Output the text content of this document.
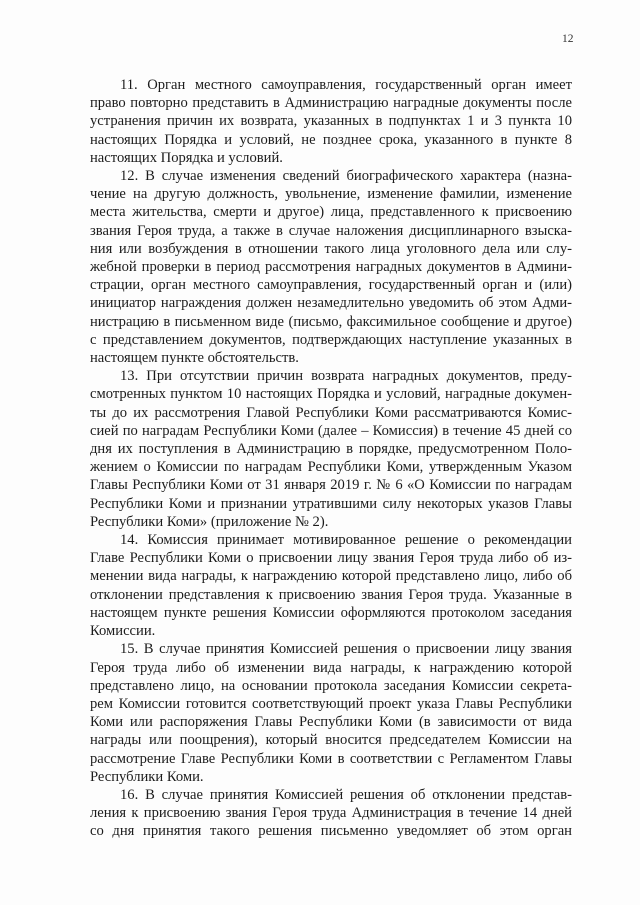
12

11. Орган местного самоуправления, государственный орган имеет
право повторно представить в Администрацию наградные документы после
устранения причин их возврата, указанных в подпунктах 1 и 3 пункта 10
настоящих Порядка и условий, не позднее срока, указанного в пункте 8
настоящих Порядка и условий.

12. В случае изменения сведений биографического характера (назна-
чение на другую должность, увольнение, изменение фамилии, изменение
места жительства, смерти и другое) лица, представленного к присвоению
звания Героя труда, а также в случае наложения дисциплинарного взыска-
ния или возбуждения в отношении такого лица уголовного дела или слу-
жебной проверки в период рассмотрения наградных документов в Админи-
страции, орган местного самоуправления, государственный орган и (или)
инициатор награждения должен незамедлительно уведомить об этом Адми-
нистрацию в письменном виде (письмо, факсимильное сообщение и другое)
с представлением документов, подтверждающих наступление указанных в
настоящем пункте обстоятельств.

13. При отсутствии причин возврата наградных документов, преду-
смотренных пунктом 10 настоящих Порядка и условий, наградные докумен-
ты до их рассмотрения Главой Республики Коми рассматриваются Комис-
сией по наградам Республики Коми (далее – Комиссия) в течение 45 дней со
дня их поступления в Администрацию в порядке, предусмотренном Поло-
жением о Комиссии по наградам Республики Коми, утвержденным Указом
Главы Республики Коми от 31 января 2019 г. № 6 «О Комиссии по наградам
Республики Коми и признании утратившими силу некоторых указов Главы
Республики Коми» (приложение № 2).

14. Комиссия принимает мотивированное решение о рекомендации
Главе Республики Коми о присвоении лицу звания Героя труда либо об из-
менении вида награды, к награждению которой представлено лицо, либо об
отклонении представления к присвоению звания Героя труда. Указанные в
настоящем пункте решения Комиссии оформляются протоколом заседания
Комиссии.

15. В случае принятия Комиссией решения о присвоении лицу звания
Героя труда либо об изменении вида награды, к награждению которой
представлено лицо, на основании протокола заседания Комиссии секрета-
рем Комиссии готовится соответствующий проект указа Главы Республики
Коми или распоряжения Главы Республики Коми (в зависимости от вида
награды или поощрения), который вносится председателем Комиссии на
рассмотрение Главе Республики Коми в соответствии с Регламентом Главы
Республики Коми.

16. В случае принятия Комиссией решения об отклонении представ-
ления к присвоению звания Героя труда Администрация в течение 14 дней
со дня принятия такого решения письменно уведомляет об этом орган
